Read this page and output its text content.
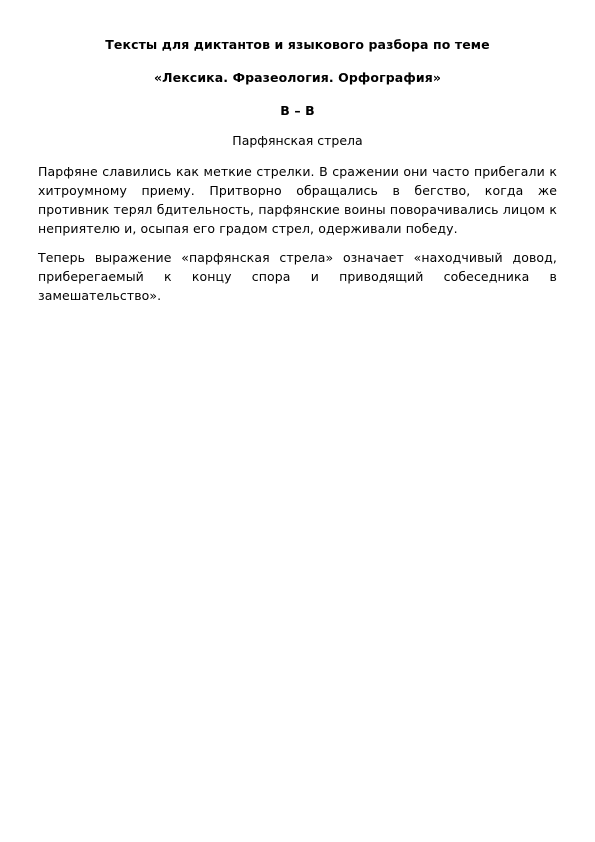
Тексты для диктантов и языкового разбора по теме
«Лексика. Фразеология. Орфография»
В – В
Парфянская стрела

Парфяне славились как меткие стрелки. В сражении они часто прибегали к хитроумному приему. Притворно обращались в бегство, когда же противник терял бдительность, парфянские воины поворачивались лицом к неприятелю и, осыпая его градом стрел, одерживали победу.

Теперь выражение «парфянская стрела» означает «находчивый довод, приберегаемый к концу спора и приводящий собеседника в замешательство».
